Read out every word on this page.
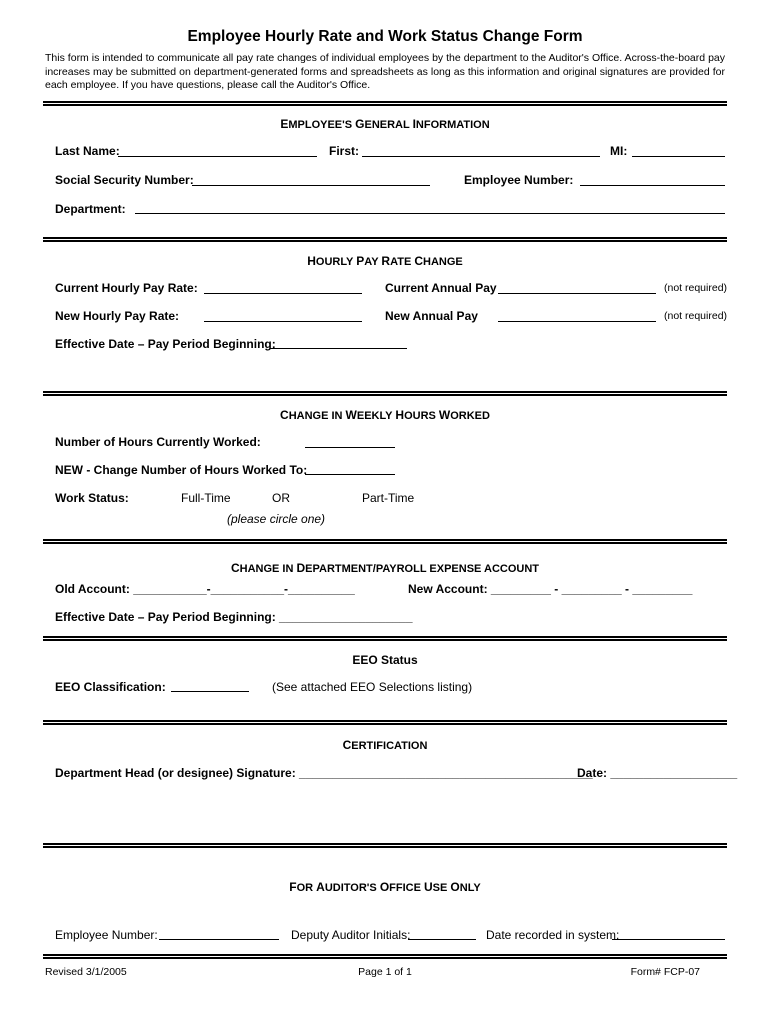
Employee Hourly Rate and Work Status Change Form
This form is intended to communicate all pay rate changes of individual employees by the department to the Auditor's Office. Across-the-board pay increases may be submitted on department-generated forms and spreadsheets as long as this information and original signatures are provided for each employee. If you have questions, please call the Auditor's Office.
EMPLOYEE'S GENERAL INFORMATION
Last Name:	First:	MI:
Social Security Number:	Employee Number:
Department:
HOURLY PAY RATE CHANGE
Current Hourly Pay Rate:	Current Annual Pay	(not required)
New Hourly Pay Rate:	New Annual Pay	(not required)
Effective Date – Pay Period Beginning:
CHANGE IN WEEKLY HOURS WORKED
Number of Hours Currently Worked:
NEW - Change Number of Hours Worked To:
Work Status:	Full-Time	OR	Part-Time
(please circle one)
CHANGE IN DEPARTMENT/PAYROLL EXPENSE ACCOUNT
Old Account: ___________-___________-__________	New Account: _________ - _________ - _________
Effective Date – Pay Period Beginning: ____________________
EEO Status
EEO Classification:	(See attached EEO Selections listing)
CERTIFICATION
Department Head (or designee) Signature: ____________________________________________
Date: ___________________
FOR AUDITOR'S OFFICE USE ONLY
Employee Number:	Deputy Auditor Initials:	Date recorded in system:
Revised 3/1/2005	Page 1 of 1	Form# FCP-07
